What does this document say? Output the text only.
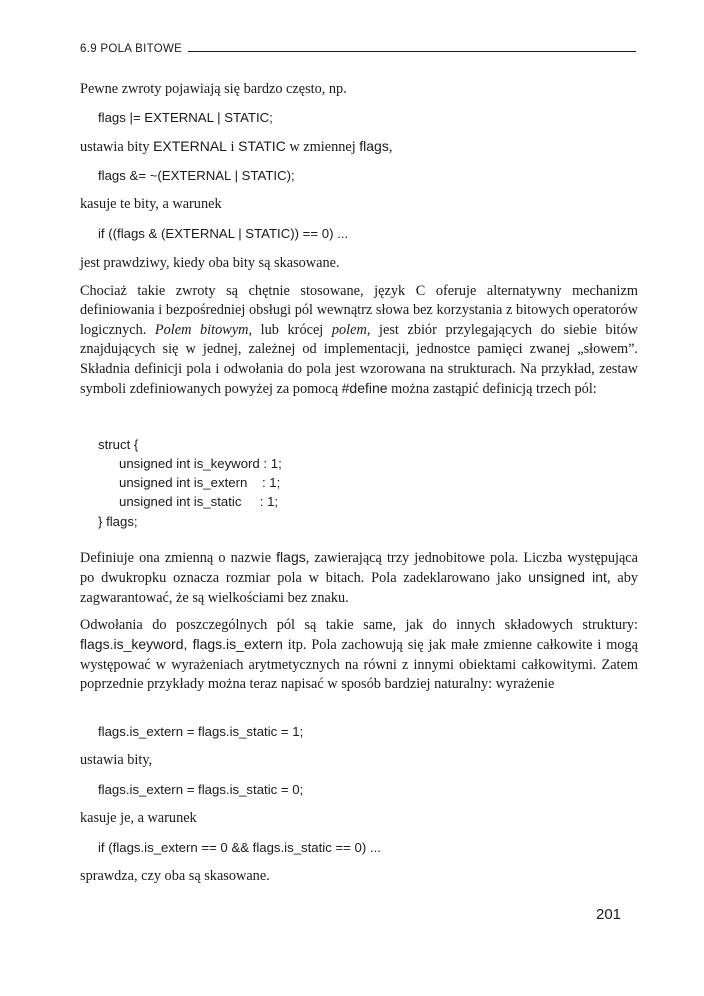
6.9 POLA BITOWE
Pewne zwroty pojawiają się bardzo często, np.
flags |= EXTERNAL | STATIC;
ustawia bity EXTERNAL i STATIC w zmiennej flags,
flags &= ~(EXTERNAL | STATIC);
kasuje te bity, a warunek
if ((flags & (EXTERNAL | STATIC)) == 0) ...
jest prawdziwy, kiedy oba bity są skasowane.
Chociaż takie zwroty są chętnie stosowane, język C oferuje alternatywny mechanizm definiowania i bezpośredniej obsługi pól wewnątrz słowa bez korzystania z bitowych operatorów logicznych. Polem bitowym, lub krócej polem, jest zbiór przylegających do siebie bitów znajdujących się w jednej, zależnej od implementacji, jednostce pamięci zwanej „słowem”. Składnia definicji pola i odwołania do pola jest wzorowana na strukturach. Na przykład, zestaw symboli zdefiniowanych powyżej za pomocą #define można zastąpić definicją trzech pól:
struct {
unsigned int is_keyword : 1;
unsigned int is_extern    : 1;
unsigned int is_static     : 1;
} flags;
Definiuje ona zmienną o nazwie flags, zawierającą trzy jednobitowe pola. Liczba występująca po dwukropku oznacza rozmiar pola w bitach. Pola zadeklarowano jako unsigned int, aby zagwarantować, że są wielkościami bez znaku.
Odwołania do poszczególnych pól są takie same, jak do innych składowych struktury: flags.is_keyword, flags.is_extern itp. Pola zachowują się jak małe zmienne całkowite i mogą występować w wyrażeniach arytmetycznych na równi z innymi obiektami całkowitymi. Zatem poprzednie przykłady można teraz napisać w sposób bardziej naturalny: wyrażenie
flags.is_extern = flags.is_static = 1;
ustawia bity,
flags.is_extern = flags.is_static = 0;
kasuje je, a warunek
if (flags.is_extern == 0 && flags.is_static == 0) ...
sprawdza, czy oba są skasowane.
201
